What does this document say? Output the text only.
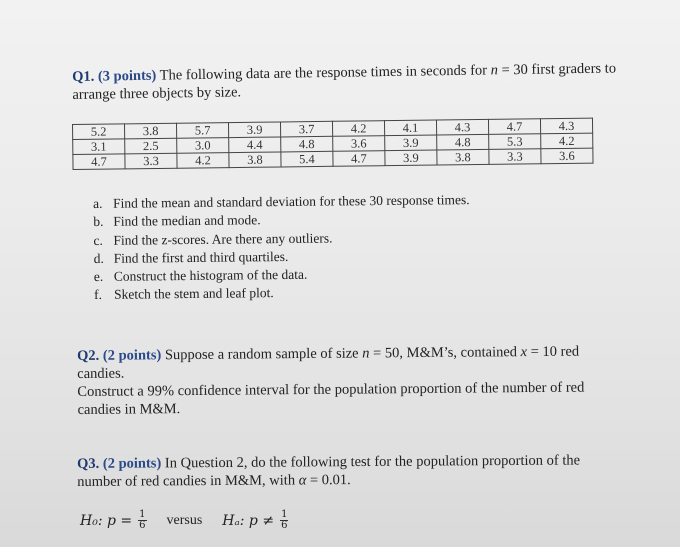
Q1. (3 points) The following data are the response times in seconds for n = 30 first graders to arrange three objects by size.
5.2	3.8	5.7	3.9	3.7	4.2	4.1	4.3	4.7	4.3
3.1	2.5	3.0	4.4	4.8	3.6	3.9	4.8	5.3	4.2
4.7	3.3	4.2	3.8	5.4	4.7	3.9	3.8	3.3	3.6
a. Find the mean and standard deviation for these 30 response times.
b. Find the median and mode.
c. Find the z-scores. Are there any outliers.
d. Find the first and third quartiles.
e. Construct the histogram of the data.
f. Sketch the stem and leaf plot.
Q2. (2 points) Suppose a random sample of size n = 50, M&M’s, contained x = 10 red candies.
Construct a 99% confidence interval for the population proportion of the number of red candies in M&M.
Q3. (2 points) In Question 2, do the following test for the population proportion of the number of red candies in M&M, with α = 0.01.
H₀: $p = \frac{1}{6}$ versus Hₐ: $p \ne \frac{1}{6}$
